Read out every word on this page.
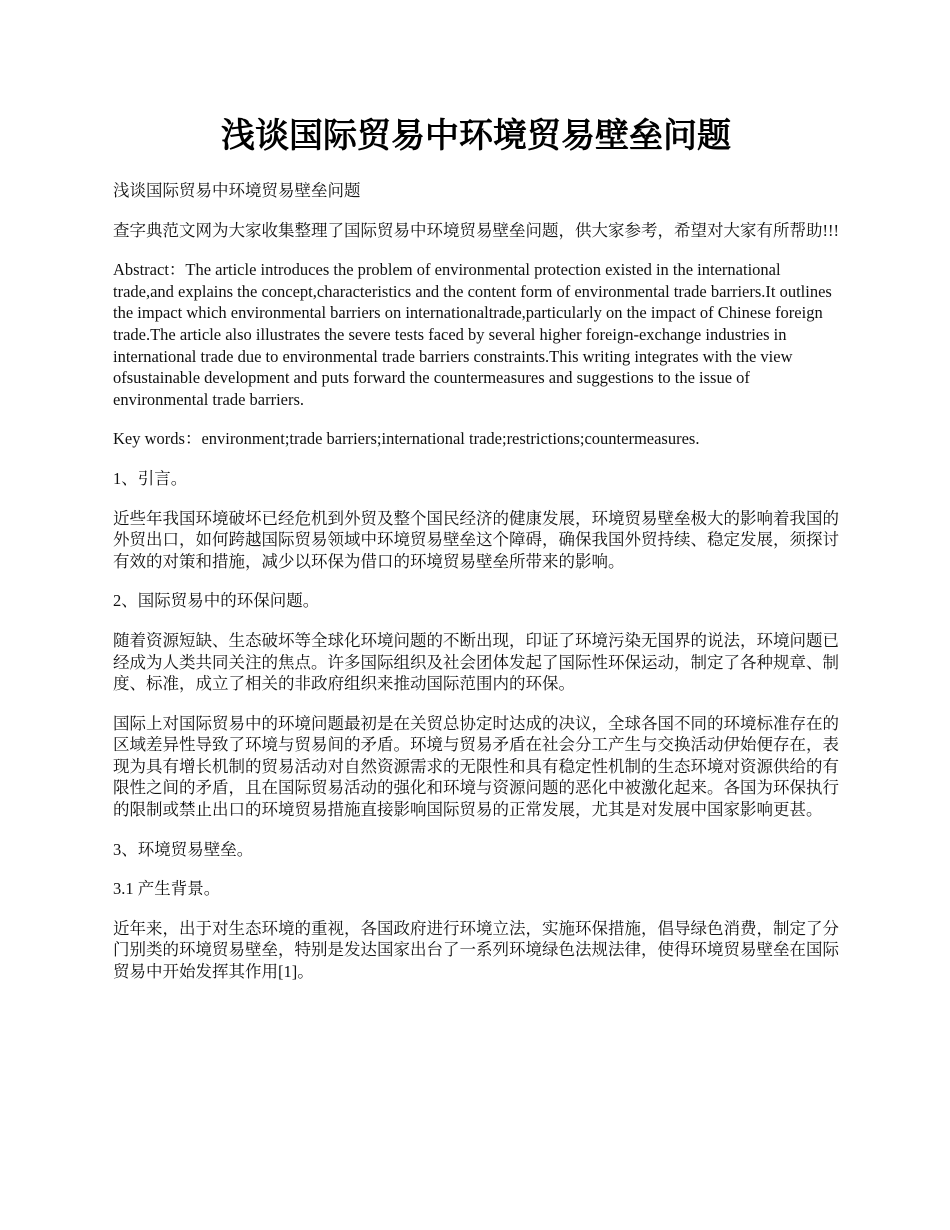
浅谈国际贸易中环境贸易壁垒问题

浅谈国际贸易中环境贸易壁垒问题

查字典范文网为大家收集整理了国际贸易中环境贸易壁垒问题，供大家参考，希望对大家有所帮助!!!

Abstract：The article introduces the problem of environmental protection existed in the international trade,and explains the concept,characteristics and the content form of environmental trade barriers.It outlines the impact which environmental barriers on internationaltrade,particularly on the impact of Chinese foreign trade.The article also illustrates the severe tests faced by several higher foreign-exchange industries in international trade due to environmental trade barriers constraints.This writing integrates with the view ofsustainable development and puts forward the countermeasures and suggestions to the issue of environmental trade barriers.

Key words：environment;trade barriers;international trade;restrictions;countermeasures.

1、引言。

近些年我国环境破坏已经危机到外贸及整个国民经济的健康发展，环境贸易壁垒极大的影响着我国的外贸出口，如何跨越国际贸易领域中环境贸易壁垒这个障碍，确保我国外贸持续、稳定发展，须探讨有效的对策和措施，减少以环保为借口的环境贸易壁垒所带来的影响。

2、国际贸易中的环保问题。

随着资源短缺、生态破坏等全球化环境问题的不断出现，印证了环境污染无国界的说法，环境问题已经成为人类共同关注的焦点。许多国际组织及社会团体发起了国际性环保运动，制定了各种规章、制度、标准，成立了相关的非政府组织来推动国际范围内的环保。

国际上对国际贸易中的环境问题最初是在关贸总协定时达成的决议，全球各国不同的环境标准存在的区域差异性导致了环境与贸易间的矛盾。环境与贸易矛盾在社会分工产生与交换活动伊始便存在，表现为具有增长机制的贸易活动对自然资源需求的无限性和具有稳定性机制的生态环境对资源供给的有限性之间的矛盾，且在国际贸易活动的强化和环境与资源问题的恶化中被激化起来。各国为环保执行的限制或禁止出口的环境贸易措施直接影响国际贸易的正常发展，尤其是对发展中国家影响更甚。

3、环境贸易壁垒。

3.1 产生背景。

近年来，出于对生态环境的重视，各国政府进行环境立法，实施环保措施，倡导绿色消费，制定了分门别类的环境贸易壁垒，特别是发达国家出台了一系列环境绿色法规法律，使得环境贸易壁垒在国际贸易中开始发挥其作用[1]。
